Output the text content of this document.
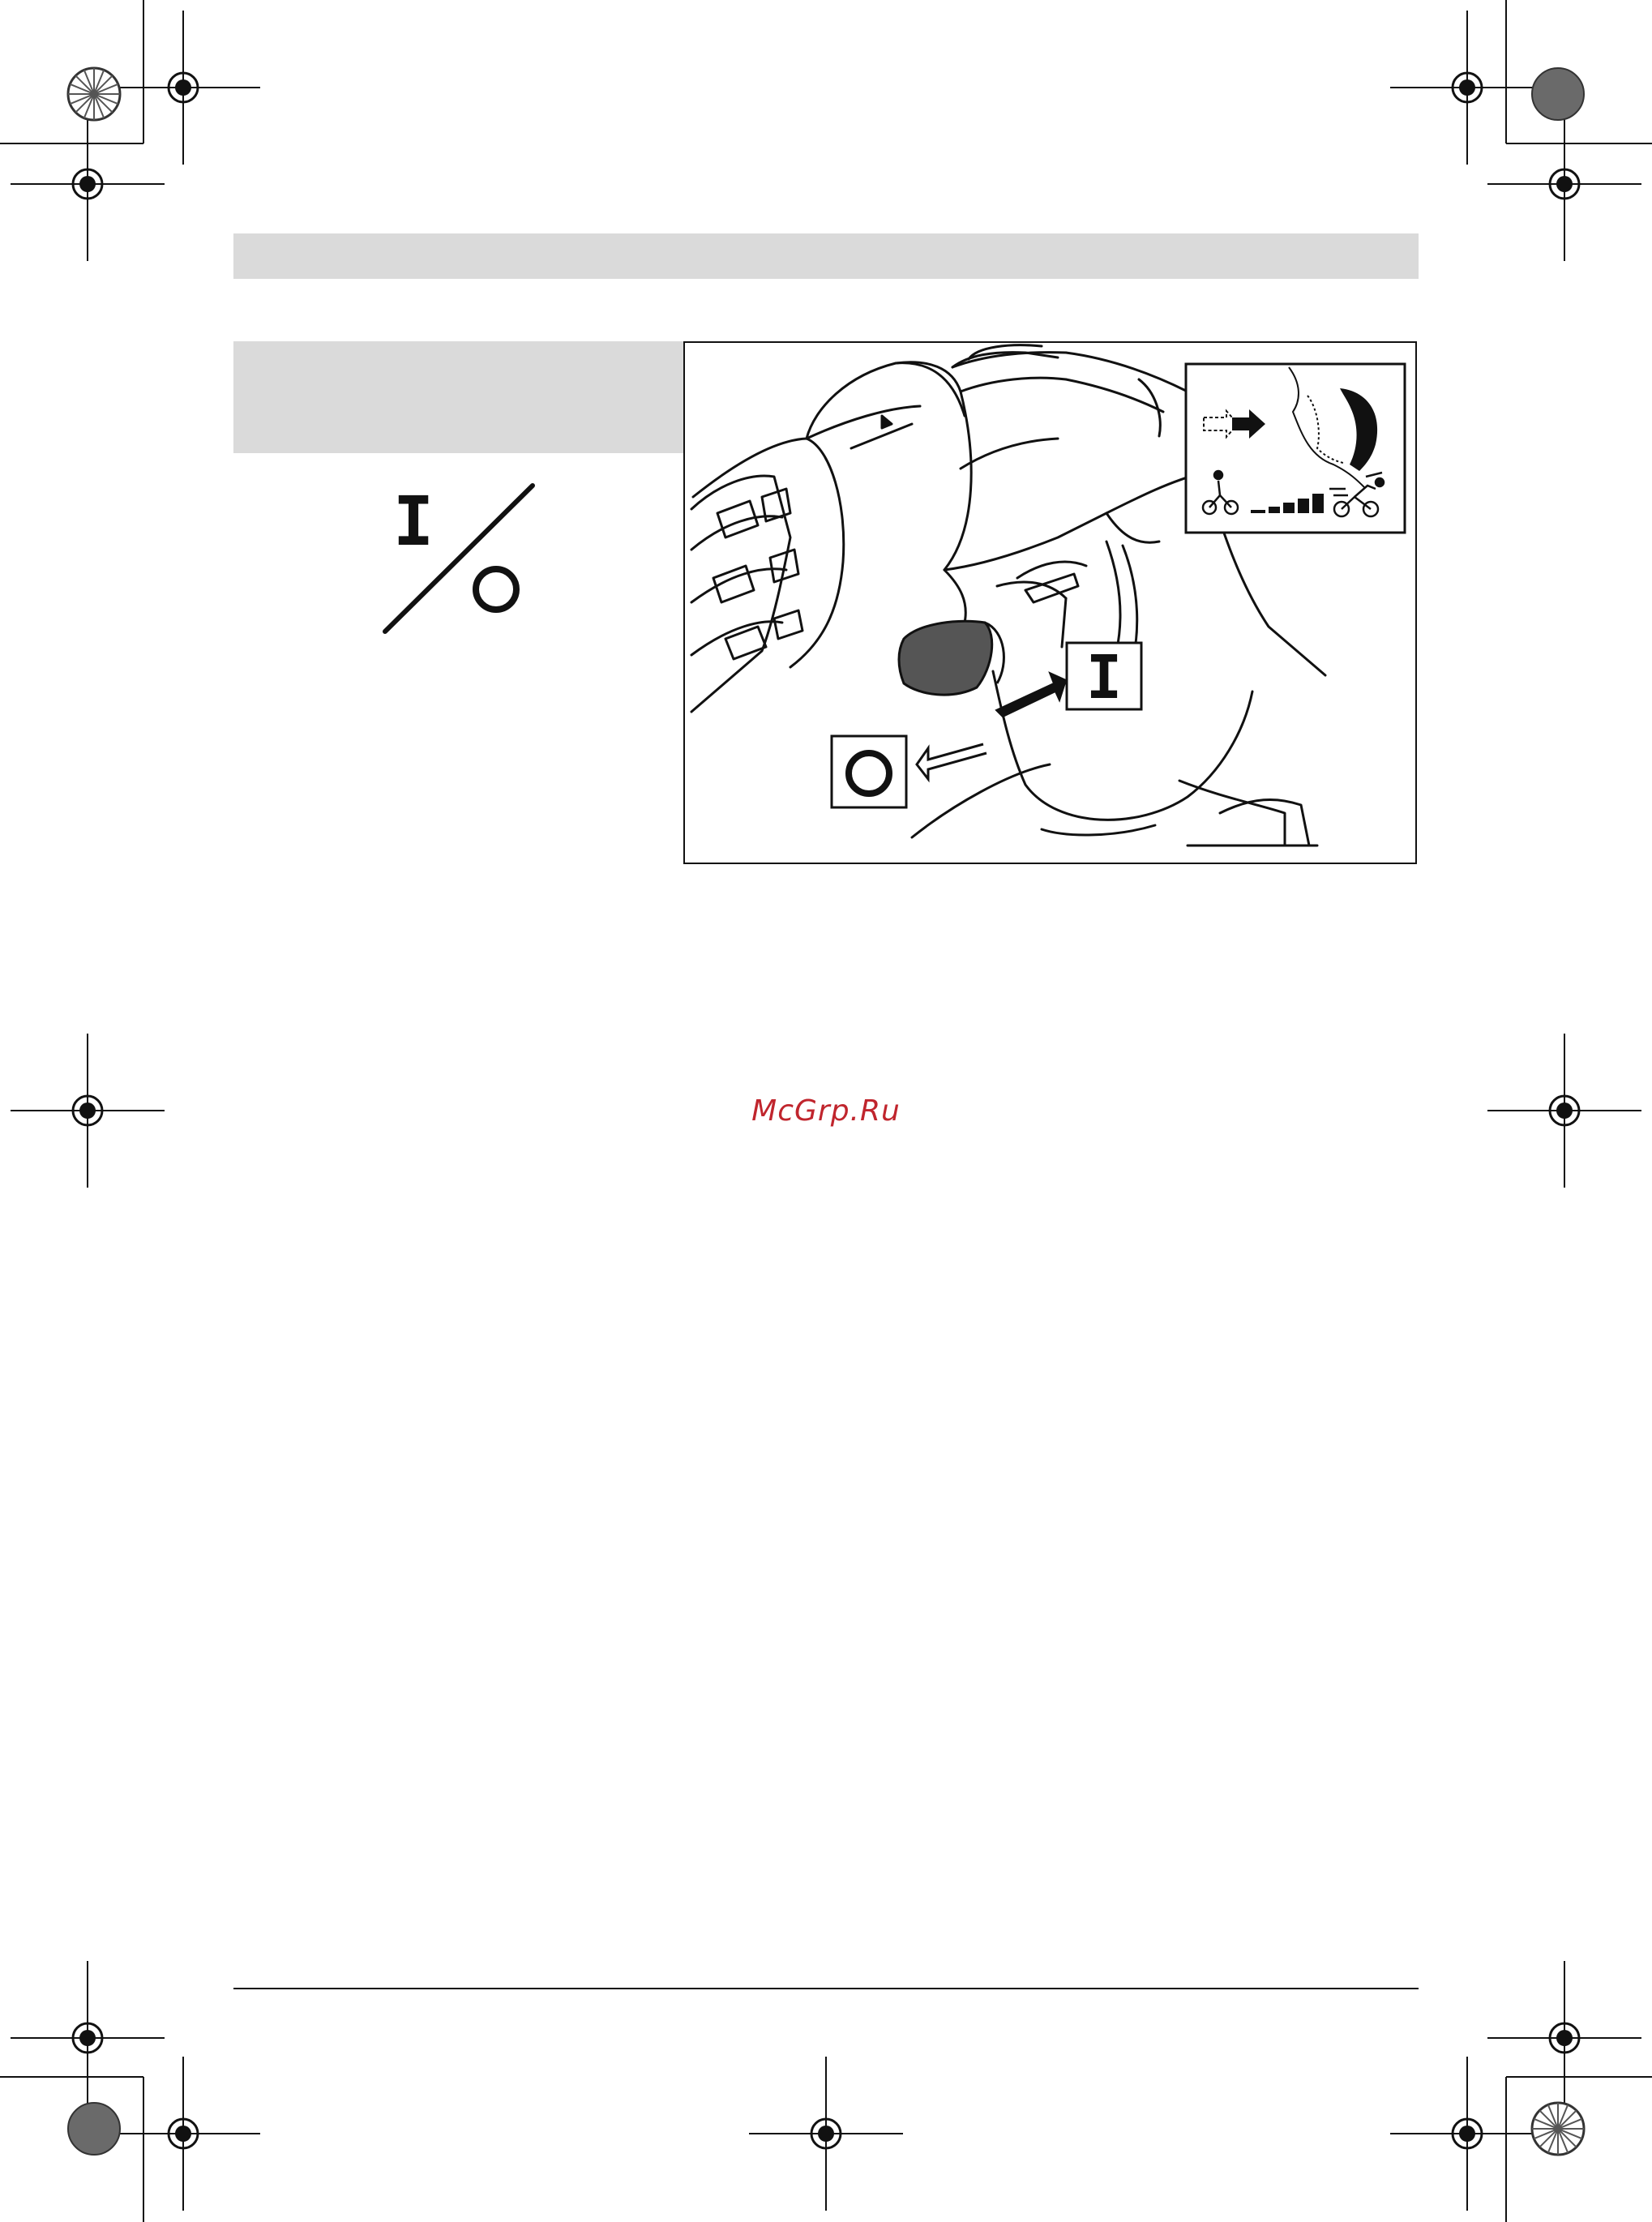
I
I
McGrp.Ru
